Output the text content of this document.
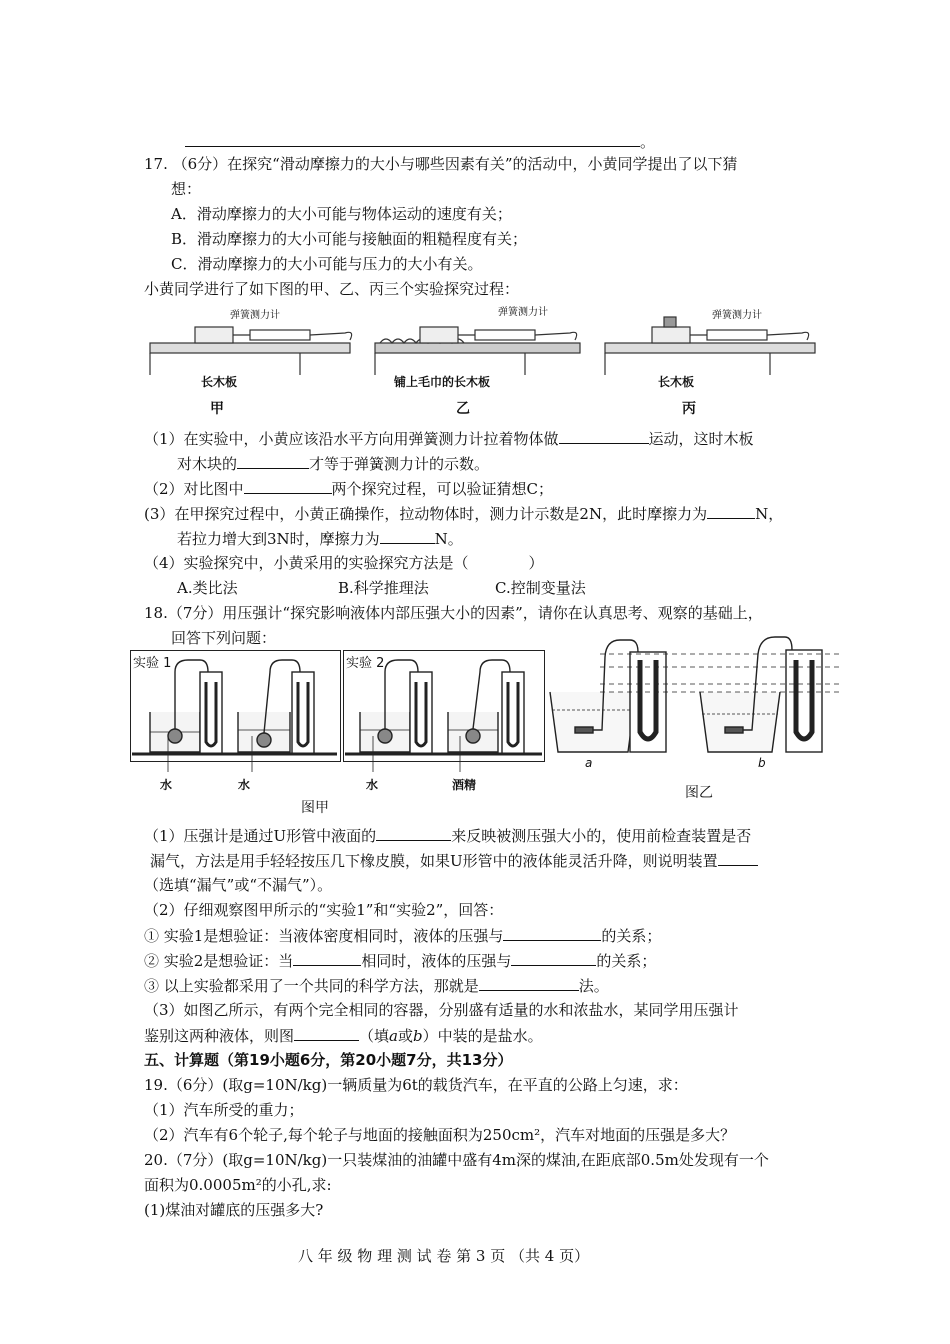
。
17. （6分）在探究“滑动摩擦力的大小与哪些因素有关”的活动中，小黄同学提出了以下猜
想：
A．滑动摩擦力的大小可能与物体运动的速度有关；
B．滑动摩擦力的大小可能与接触面的粗糙程度有关；
C．滑动摩擦力的大小可能与压力的大小有关。
小黄同学进行了如下图的甲、乙、丙三个实验探究过程：
弹簧测力计	弹簧测力计	弹簧测力计
长木板	铺上毛巾的长木板	长木板
甲	乙	丙
（1）在实验中，小黄应该沿水平方向用弹簧测力计拉着物体做	运动，这时木板
对木块的	才等于弹簧测力计的示数。
（2）对比图中	两个探究过程，可以验证猜想C；
(3）在甲探究过程中，小黄正确操作，拉动物体时，测力计示数是2N，此时摩擦力为	N，
若拉力增大到3N时，摩擦力为	N。
（4）实验探究中，小黄采用的实验探究方法是（　　　　）
A.类比法	B.科学推理法	C.控制变量法
18.（7分）用压强计“探究影响液体内部压强大小的因素”，请你在认真思考、观察的基础上，
回答下列问题：
实验 1	实验 2
水	水	水	酒精
a	b
图甲
图乙
（1）压强计是通过U形管中液面的	来反映被测压强大小的，使用前检查装置是否
漏气，方法是用手轻轻按压几下橡皮膜，如果U形管中的液体能灵活升降，则说明装置
（选填“漏气”或“不漏气”）。
（2）仔细观察图甲所示的“实验1”和“实验2”，回答：
① 实验1是想验证：当液体密度相同时，液体的压强与	的关系；
② 实验2是想验证：当	相同时，液体的压强与	的关系；
③ 以上实验都采用了一个共同的科学方法，那就是	法。
（3）如图乙所示，有两个完全相同的容器，分别盛有适量的水和浓盐水，某同学用压强计
鉴别这两种液体，则图	（填a或b）中装的是盐水。
五、计算题（第19小题6分，第20小题7分，共13分）
19.（6分）(取g=10N/kg)一辆质量为6t的载货汽车，在平直的公路上匀速，求：
（1）汽车所受的重力；
（2）汽车有6个轮子,每个轮子与地面的接触面积为250cm²，汽车对地面的压强是多大？
20.（7分）(取g=10N/kg)一只装煤油的油罐中盛有4m深的煤油,在距底部0.5m处发现有一个
面积为0.0005m²的小孔,求:
(1)煤油对罐底的压强多大?
八 年 级 物 理 测 试 卷 第 3 页 （共 4 页）
